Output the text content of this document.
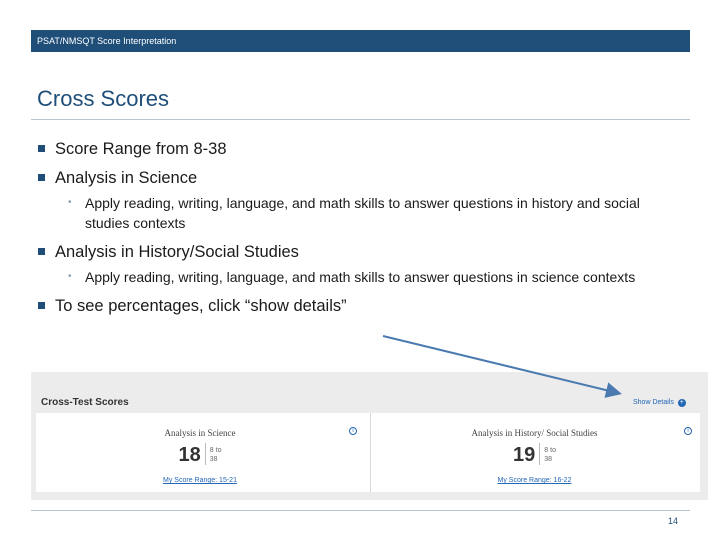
PSAT/NMSQT Score Interpretation
Cross Scores
Score Range from 8-38
Analysis in Science
• Apply reading, writing, language, and math skills to answer questions in history and social studies contexts
Analysis in History/Social Studies
• Apply reading, writing, language, and math skills to answer questions in science contexts
To see percentages, click “show details”
Cross-Test Scores	Show Details +
Analysis in Science	i
18 8 to
38
My Score Range: 15-21
Analysis in History/ Social Studies	i
19 8 to
38
My Score Range: 16-22
14
